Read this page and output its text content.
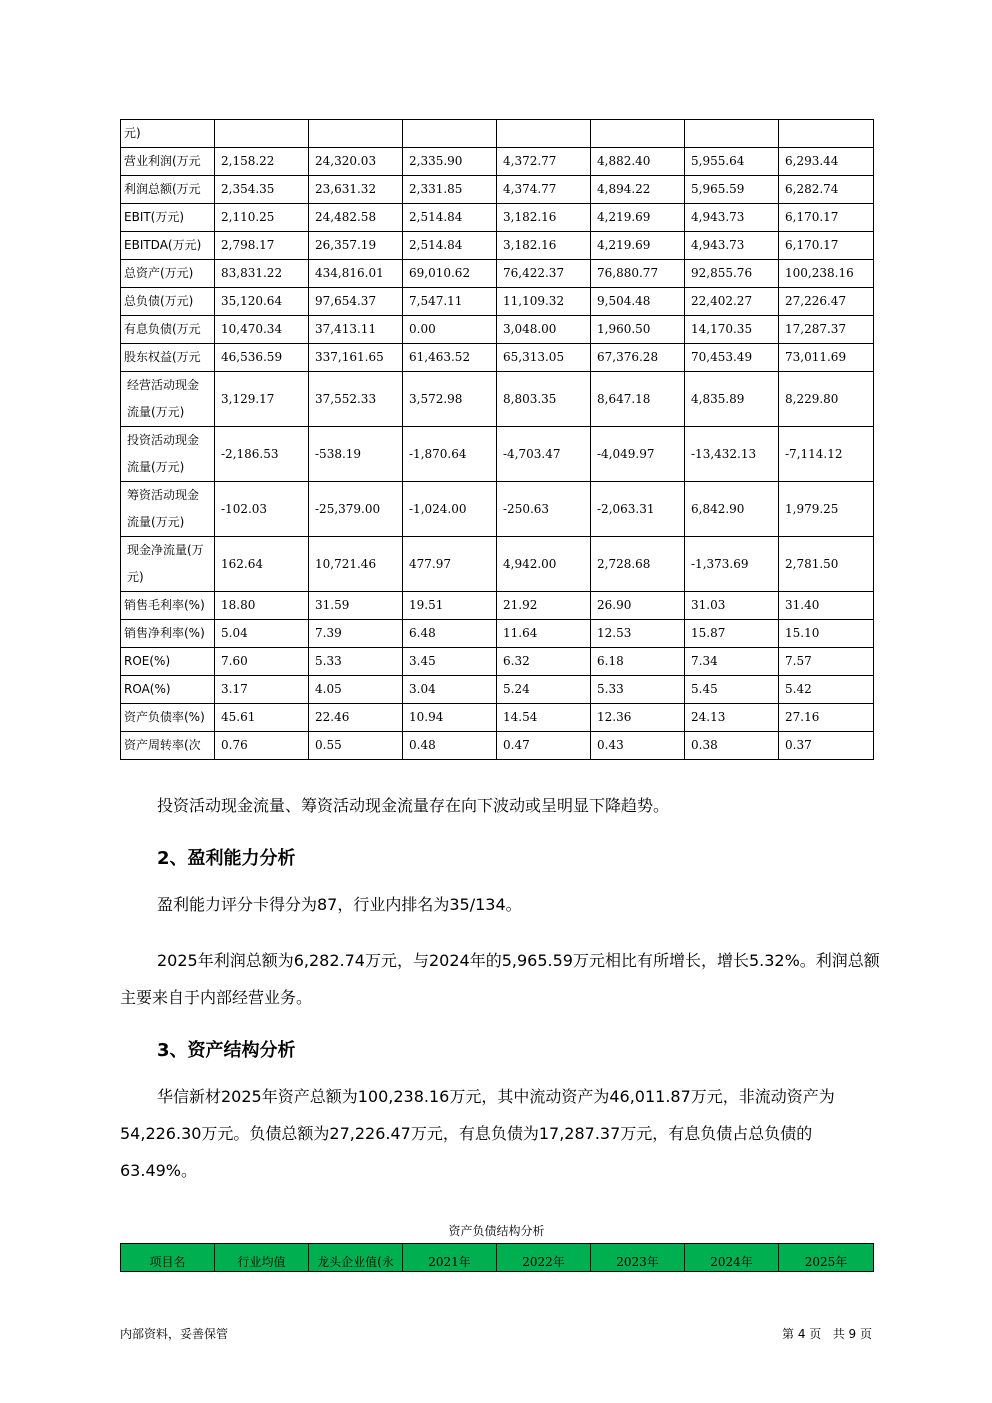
元)							
营业利润(万元	2,158.22	24,320.03	2,335.90	4,372.77	4,882.40	5,955.64	6,293.44
利润总额(万元	2,354.35	23,631.32	2,331.85	4,374.77	4,894.22	5,965.59	6,282.74
EBIT(万元)	2,110.25	24,482.58	2,514.84	3,182.16	4,219.69	4,943.73	6,170.17
EBITDA(万元)	2,798.17	26,357.19	2,514.84	3,182.16	4,219.69	4,943.73	6,170.17
总资产(万元)	83,831.22	434,816.01	69,010.62	76,422.37	76,880.77	92,855.76	100,238.16
总负债(万元)	35,120.64	97,654.37	7,547.11	11,109.32	9,504.48	22,402.27	27,226.47
有息负债(万元	10,470.34	37,413.11	0.00	3,048.00	1,960.50	14,170.35	17,287.37
股东权益(万元	46,536.59	337,161.65	61,463.52	65,313.05	67,376.28	70,453.49	73,011.69
经营活动现金流量(万元)	3,129.17	37,552.33	3,572.98	8,803.35	8,647.18	4,835.89	8,229.80
投资活动现金流量(万元)	-2,186.53	-538.19	-1,870.64	-4,703.47	-4,049.97	-13,432.13	-7,114.12
筹资活动现金流量(万元)	-102.03	-25,379.00	-1,024.00	-250.63	-2,063.31	6,842.90	1,979.25
现金净流量(万元)	162.64	10,721.46	477.97	4,942.00	2,728.68	-1,373.69	2,781.50
销售毛利率(%)	18.80	31.59	19.51	21.92	26.90	31.03	31.40
销售净利率(%)	5.04	7.39	6.48	11.64	12.53	15.87	15.10
ROE(%)	7.60	5.33	3.45	6.32	6.18	7.34	7.57
ROA(%)	3.17	4.05	3.04	5.24	5.33	5.45	5.42
资产负债率(%)	45.61	22.46	10.94	14.54	12.36	24.13	27.16
资产周转率(次	0.76	0.55	0.48	0.47	0.43	0.38	0.37
投资活动现金流量、筹资活动现金流量存在向下波动或呈明显下降趋势。
2、盈利能力分析
盈利能力评分卡得分为87，行业内排名为35/134。
2025年利润总额为6,282.74万元，与2024年的5,965.59万元相比有所增长，增长5.32%。利润总额主要来自于内部经营业务。
3、资产结构分析
华信新材2025年资产总额为100,238.16万元，其中流动资产为46,011.87万元，非流动资产为54,226.30万元。负债总额为27,226.47万元，有息负债为17,287.37万元，有息负债占总负债的63.49%。
资产负债结构分析
项目名	行业均值	龙头企业值(永	2021年	2022年	2023年	2024年	2025年
内部资料，妥善保管	第 4 页   共 9 页
